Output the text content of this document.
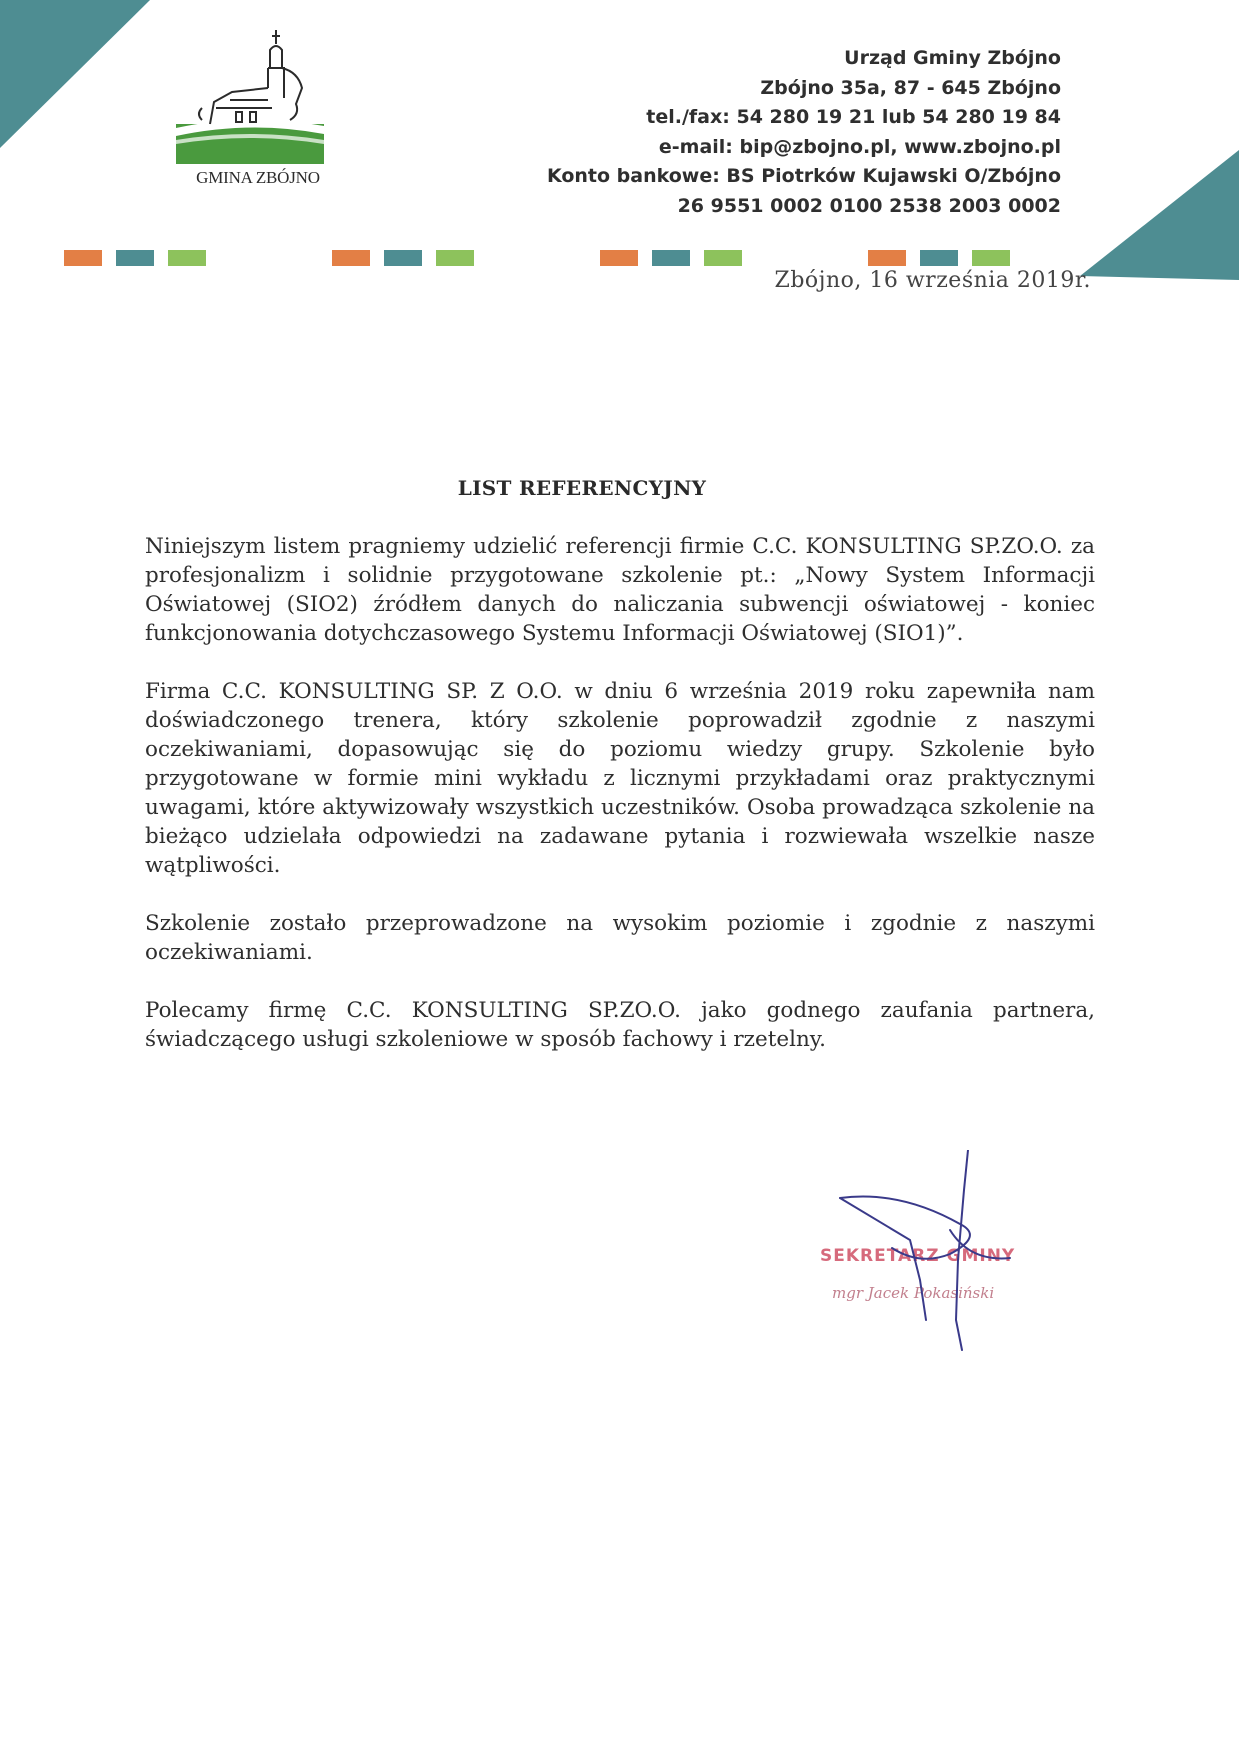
GMINA ZBÓJNO
Urząd Gminy Zbójno
Zbójno 35a, 87 - 645 Zbójno
tel./fax: 54 280 19 21 lub 54 280 19 84
e-mail: bip@zbojno.pl, www.zbojno.pl
Konto bankowe: BS Piotrków Kujawski O/Zbójno
26 9551 0002 0100 2538 2003 0002
Zbójno, 16 września 2019r.
LIST REFERENCYJNY

Niniejszym listem pragniemy udzielić referencji firmie C.C. KONSULTING SP.ZO.O. za profesjonalizm i solidnie przygotowane szkolenie pt.: „Nowy System Informacji Oświatowej (SIO2) źródłem danych do naliczania subwencji oświatowej - koniec funkcjonowania dotychczasowego Systemu Informacji Oświatowej (SIO1)”.

Firma C.C. KONSULTING SP. Z O.O. w dniu 6 września 2019 roku zapewniła nam doświadczonego trenera, który szkolenie poprowadził zgodnie z naszymi oczekiwaniami, dopasowując się do poziomu wiedzy grupy. Szkolenie było przygotowane w formie mini wykładu z licznymi przykładami oraz praktycznymi uwagami, które aktywizowały wszystkich uczestników. Osoba prowadząca szkolenie na bieżąco udzielała odpowiedzi na zadawane pytania i rozwiewała wszelkie nasze wątpliwości.

Szkolenie zostało przeprowadzone na wysokim poziomie i zgodnie z naszymi oczekiwaniami.

Polecamy firmę C.C. KONSULTING SP.ZO.O. jako godnego zaufania partnera, świadczącego usługi szkoleniowe w sposób fachowy i rzetelny.

SEKRETARZ GMINY
mgr Jacek Pokasiński
